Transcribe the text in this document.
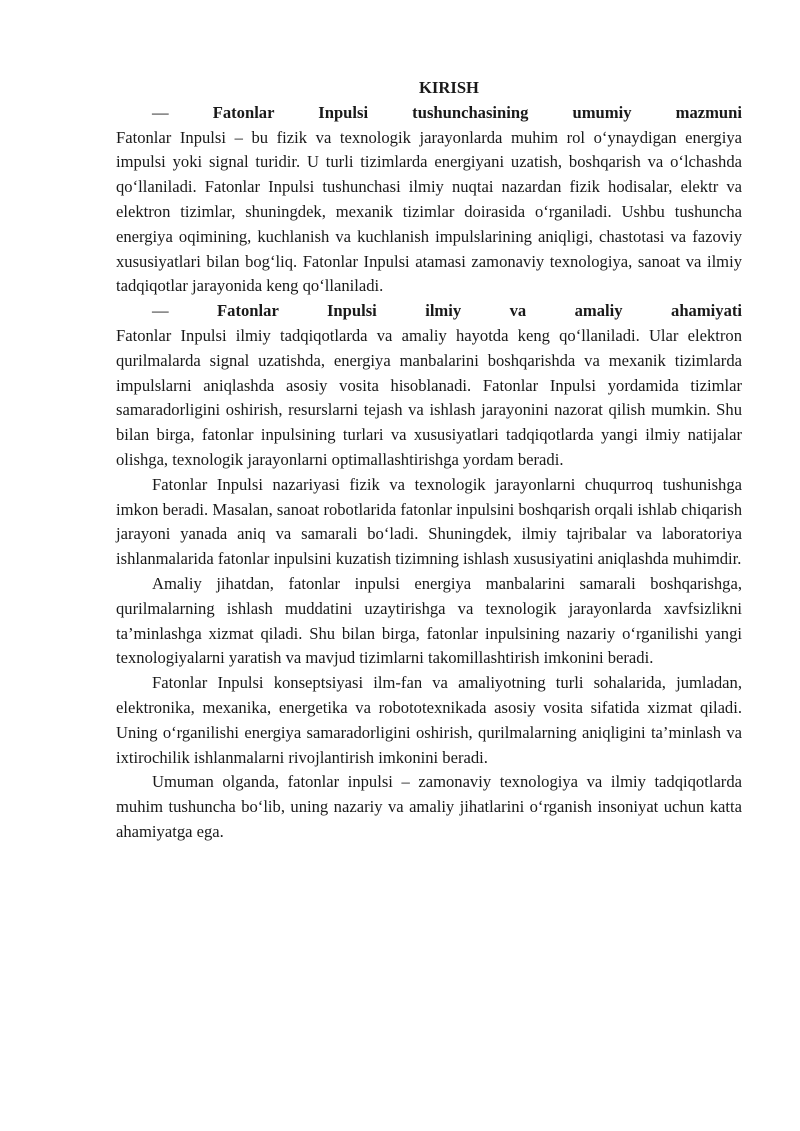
KIRISH
—	Fatonlar Inpulsi tushunchasining umumiy mazmuni

Fatonlar Inpulsi – bu fizik va texnologik jarayonlarda muhim rol o‘ynaydigan energiya impulsi yoki signal turidir. U turli tizimlarda energiyani uzatish, boshqarish va o‘lchashda qo‘llaniladi. Fatonlar Inpulsi tushunchasi ilmiy nuqtai nazardan fizik hodisalar, elektr va elektron tizimlar, shuningdek, mexanik tizimlar doirasida o‘rganiladi. Ushbu tushuncha energiya oqimining, kuchlanish va kuchlanish impulslarining aniqligi, chastotasi va fazoviy xususiyatlari bilan bog‘liq. Fatonlar Inpulsi atamasi zamonaviy texnologiya, sanoat va ilmiy tadqiqotlar jarayonida keng qo‘llaniladi.

—	Fatonlar Inpulsi ilmiy va amaliy ahamiyati

Fatonlar Inpulsi ilmiy tadqiqotlarda va amaliy hayotda keng qo‘llaniladi. Ular elektron qurilmalarda signal uzatishda, energiya manbalarini boshqarishda va mexanik tizimlarda impulslarni aniqlashda asosiy vosita hisoblanadi. Fatonlar Inpulsi yordamida tizimlar samaradorligini oshirish, resurslarni tejash va ishlash jarayonini nazorat qilish mumkin. Shu bilan birga, fatonlar inpulsining turlari va xususiyatlari tadqiqotlarda yangi ilmiy natijalar olishga, texnologik jarayonlarni optimallashtirishga yordam beradi.

Fatonlar Inpulsi nazariyasi fizik va texnologik jarayonlarni chuqurroq tushunishga imkon beradi. Masalan, sanoat robotlarida fatonlar inpulsini boshqarish orqali ishlab chiqarish jarayoni yanada aniq va samarali bo‘ladi. Shuningdek, ilmiy tajribalar va laboratoriya ishlanmalarida fatonlar inpulsini kuzatish tizimning ishlash xususiyatini aniqlashda muhimdir.

Amaliy jihatdan, fatonlar inpulsi energiya manbalarini samarali boshqarishga, qurilmalarning ishlash muddatini uzaytirishga va texnologik jarayonlarda xavfsizlikni ta’minlashga xizmat qiladi. Shu bilan birga, fatonlar inpulsining nazariy o‘rganilishi yangi texnologiyalarni yaratish va mavjud tizimlarni takomillashtirish imkonini beradi.

Fatonlar Inpulsi konseptsiyasi ilm-fan va amaliyotning turli sohalarida, jumladan, elektronika, mexanika, energetika va robototexnikada asosiy vosita sifatida xizmat qiladi. Uning o‘rganilishi energiya samaradorligini oshirish, qurilmalarning aniqligini ta’minlash va ixtirochilik ishlanmalarni rivojlantirish imkonini beradi.

Umuman olganda, fatonlar inpulsi – zamonaviy texnologiya va ilmiy tadqiqotlarda muhim tushuncha bo‘lib, uning nazariy va amaliy jihatlarini o‘rganish insoniyat uchun katta ahamiyatga ega.
